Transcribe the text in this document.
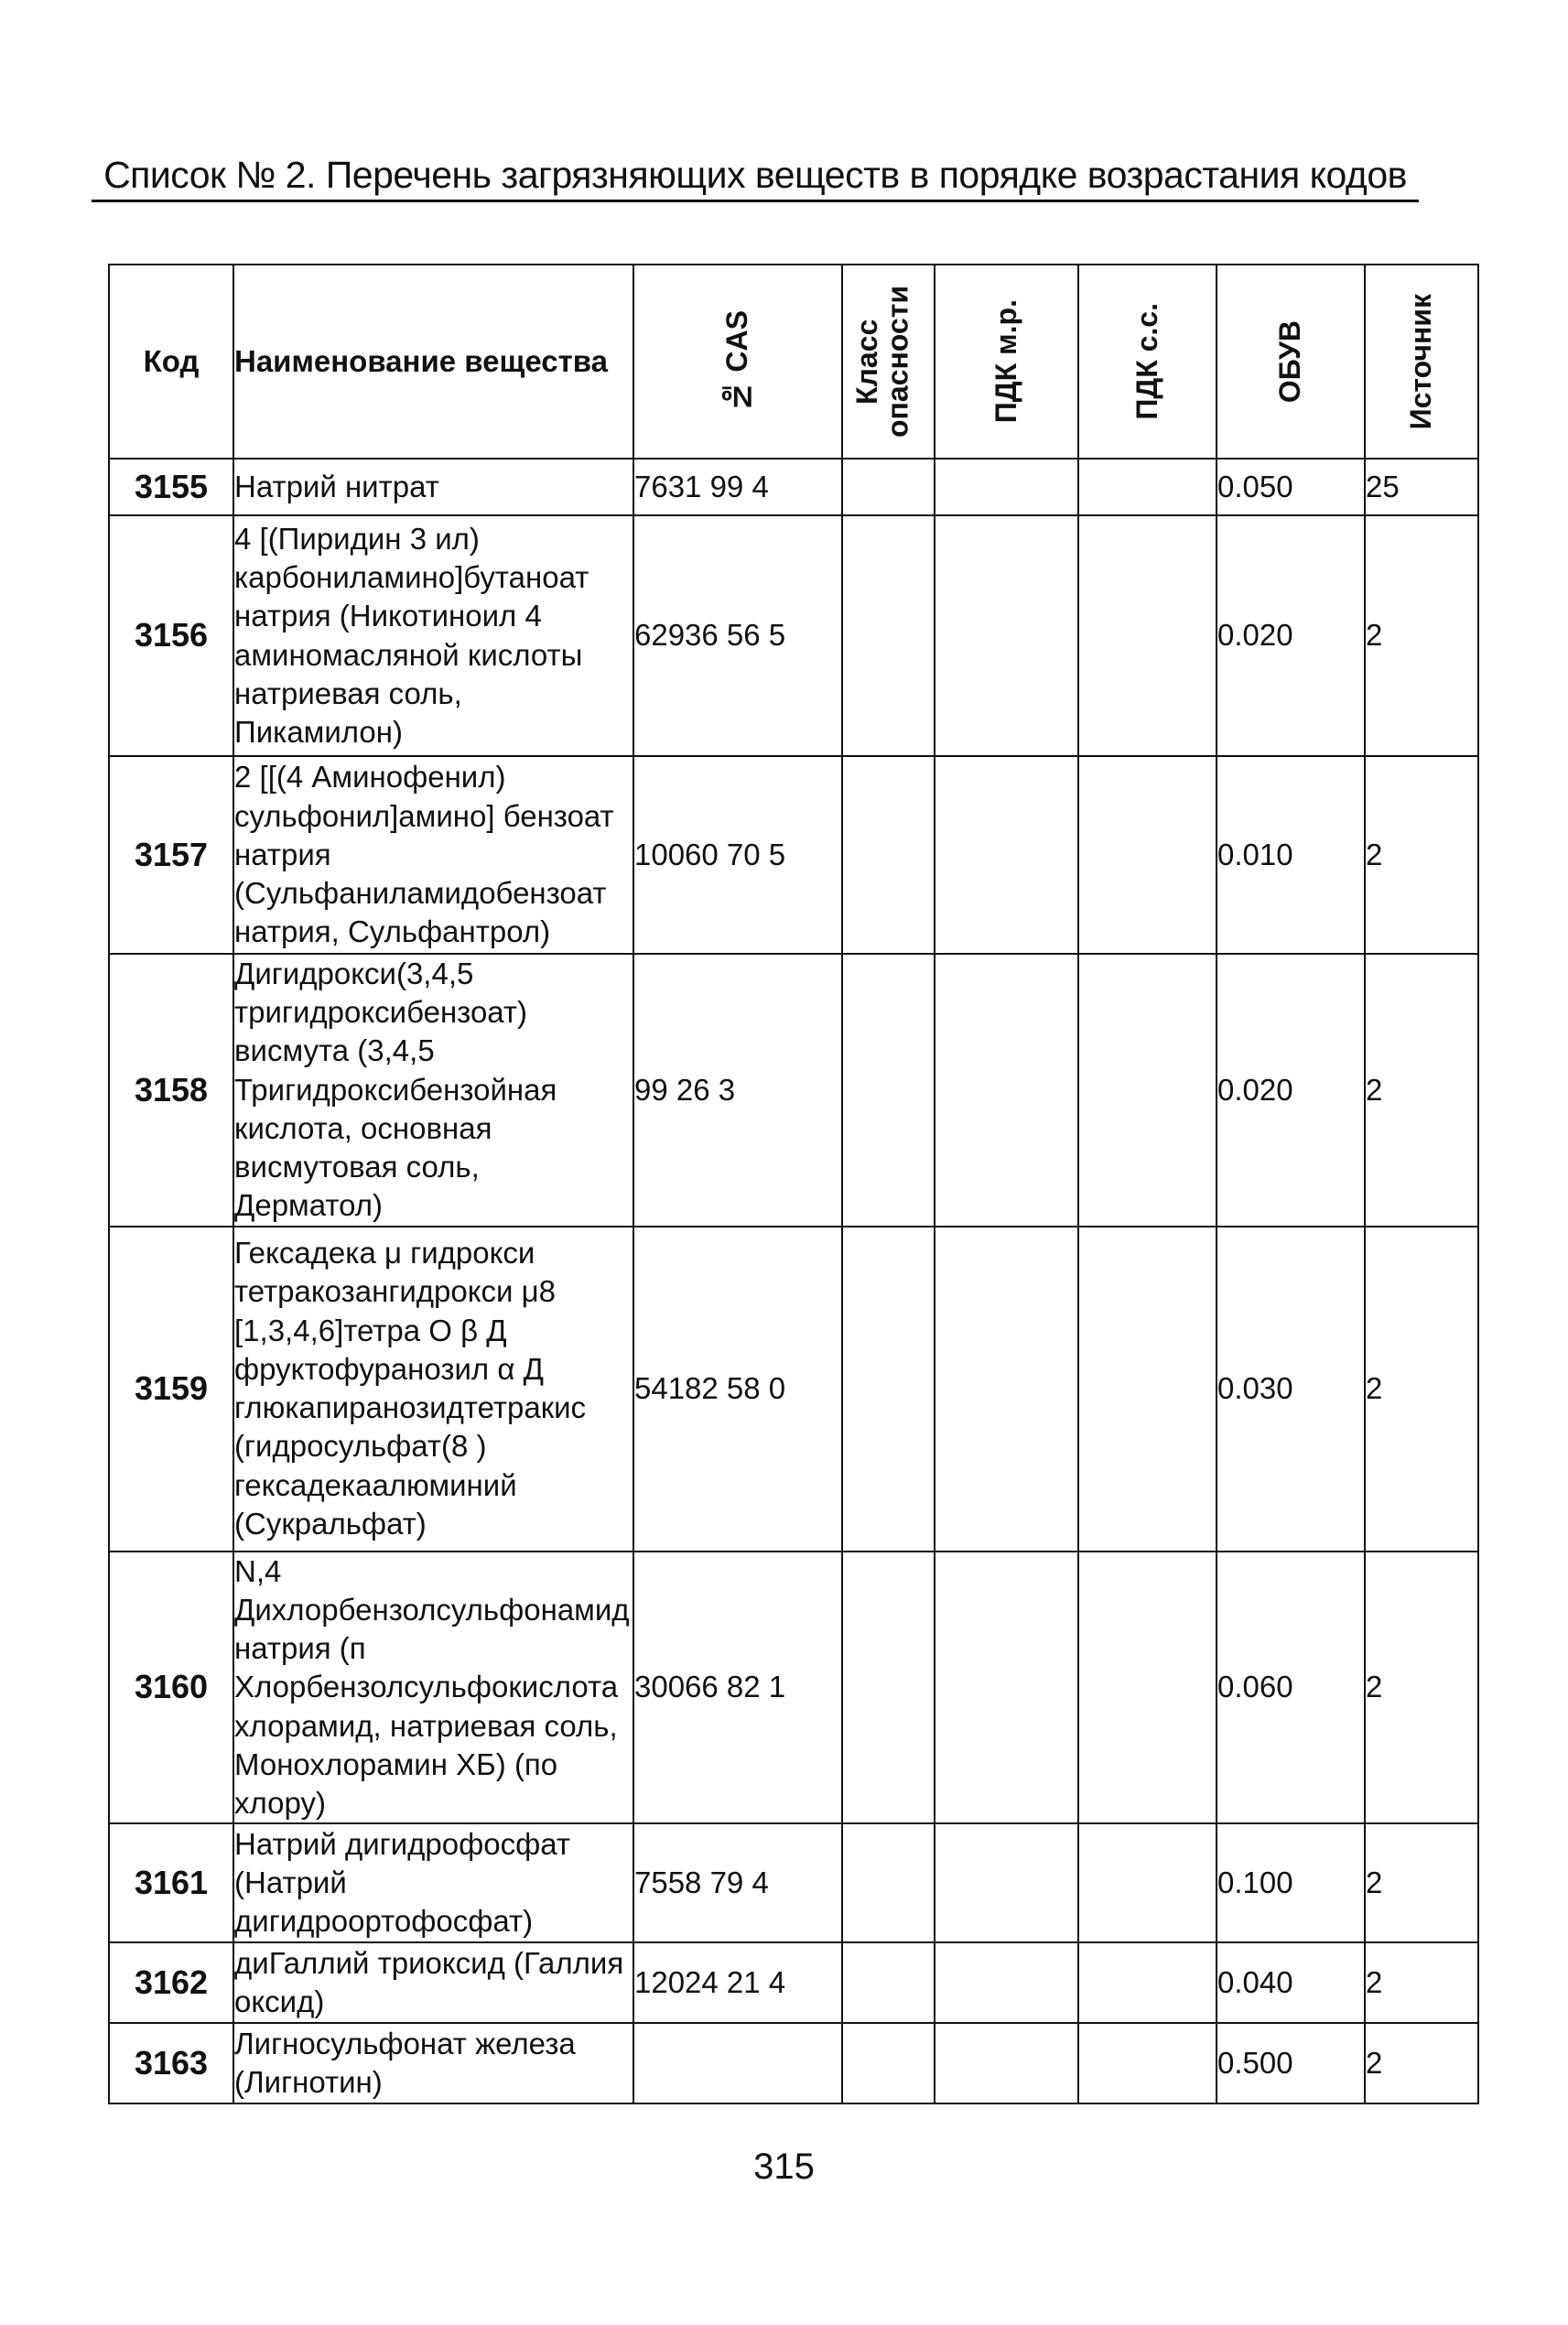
Список № 2. Перечень загрязняющих веществ в порядке возрастания кодов
Код	Наименование вещества	№ CAS	Класс опасности	ПДК м.р.	ПДК с.с.	ОБУВ	Источник

3155	Натрий нитрат	7631 99 4				0.050	25
3156	4 [(Пиридин 3 ил) карбониламино]бутаноат натрия (Никотиноил 4 аминомасляной кислоты натриевая соль, Пикамилон)	62936 56 5				0.020	2
3157	2 [[(4 Аминофенил) сульфонил]амино] бензоат натрия (Сульфаниламидобензоат натрия, Сульфантрол)	10060 70 5				0.010	2
3158	Дигидрокси(3,4,5 тригидроксибензоат) висмута (3,4,5 Тригидроксибензойная кислота, основная висмутовая соль, Дерматол)	99 26 3				0.020	2
3159	Гексадека μ гидрокси тетракозангидрокси μ8 [1,3,4,6]тетра О β Д фруктофуранозил α Д глюкапиранозидтетракис (гидросульфат(8 ) гексадекаалюминий (Сукральфат)	54182 58 0				0.030	2
3160	N,4 Дихлорбензолсульфонамид натрия (п Хлорбензолсульфокислота хлорамид, натриевая соль, Монохлорамин ХБ) (по хлору)	30066 82 1				0.060	2
3161	Натрий дигидрофосфат (Натрий дигидроортофосфат)	7558 79 4				0.100	2
3162	диГаллий триоксид (Галлия оксид)	12024 21 4				0.040	2
3163	Лигносульфонат железа (Лигнотин)					0.500	2
315
